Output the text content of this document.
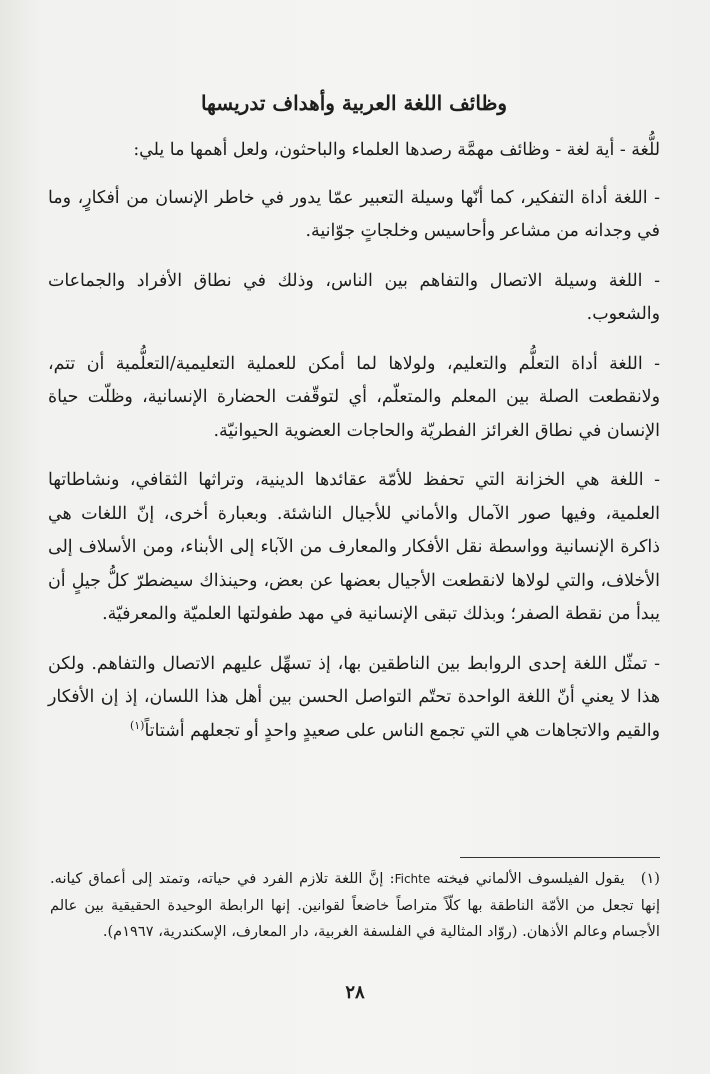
وظائف اللغة العربية وأهداف تدريسها

للُّغة - أية لغة - وظائف مهمَّة رصدها العلماء والباحثون، ولعل أهمها ما يلي:

- اللغة أداة التفكير، كما أنّها وسيلة التعبير عمّا يدور في خاطر الإنسان من أفكارٍ، وما في وجدانه من مشاعر وأحاسيس وخلجاتٍ جوّانية.

- اللغة وسيلة الاتصال والتفاهم بين الناس، وذلك في نطاق الأفراد والجماعات والشعوب.

- اللغة أداة التعلُّم والتعليم، ولولاها لما أمكن للعملية التعليمية/التعلُّمية أن تتم، ولانقطعت الصلة بين المعلم والمتعلّم، أي لتوقّفت الحضارة الإنسانية، وظلّت حياة الإنسان في نطاق الغرائز الفطريّة والحاجات العضوية الحيوانيّة.

- اللغة هي الخزانة التي تحفظ للأمّة عقائدها الدينية، وتراثها الثقافي، ونشاطاتها العلمية، وفيها صور الآمال والأماني للأجيال الناشئة. وبعبارة أخرى، إنّ اللغات هي ذاكرة الإنسانية وواسطة نقل الأفكار والمعارف من الآباء إلى الأبناء، ومن الأسلاف إلى الأخلاف، والتي لولاها لانقطعت الأجيال بعضها عن بعض، وحينذاك سيضطرّ كلُّ جيلٍ أن يبدأ من نقطة الصفر؛ وبذلك تبقى الإنسانية في مهد طفولتها العلميّة والمعرفيّة.

- تمثّل اللغة إحدى الروابط بين الناطقين بها، إذ تسهِّل عليهم الاتصال والتفاهم. ولكن هذا لا يعني أنّ اللغة الواحدة تحتّم التواصل الحسن بين أهل هذا اللسان، إذ إن الأفكار والقيم والاتجاهات هي التي تجمع الناس على صعيدٍ واحدٍ أو تجعلهم أشتاتاً$^{(١)}$

(١) يقول الفيلسوف الألماني فيخته Fichte: إنَّ اللغة تلازم الفرد في حياته، وتمتد إلى أعماق كيانه. إنها تجعل من الأمّة الناطقة بها كلّاً متراصاً خاضعاً لقوانين. إنها الرابطة الوحيدة الحقيقية بين عالم الأجسام وعالم الأذهان. (روّاد المثالية في الفلسفة الغربية، دار المعارف، الإسكندرية، ١٩٦٧م).
٢٨
